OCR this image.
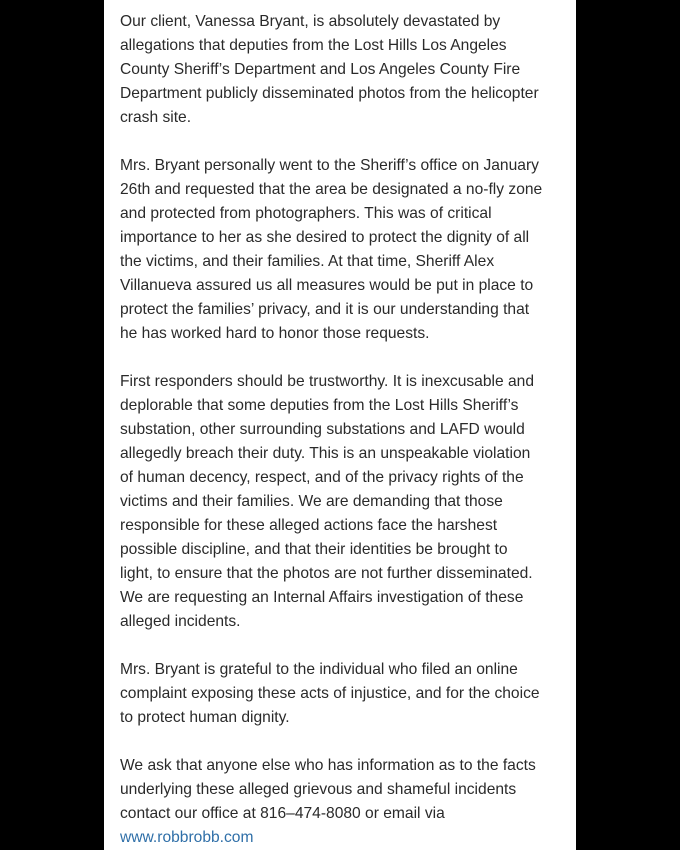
Our client, Vanessa Bryant, is absolutely devastated by
allegations that deputies from the Lost Hills Los Angeles
County Sheriff’s Department and Los Angeles County Fire
Department publicly disseminated photos from the helicopter
crash site.

Mrs. Bryant personally went to the Sheriff’s office on January
26th and requested that the area be designated a no-fly zone
and protected from photographers. This was of critical
importance to her as she desired to protect the dignity of all
the victims, and their families. At that time, Sheriff Alex
Villanueva assured us all measures would be put in place to
protect the families’ privacy, and it is our understanding that
he has worked hard to honor those requests.

First responders should be trustworthy. It is inexcusable and
deplorable that some deputies from the Lost Hills Sheriff’s
substation, other surrounding substations and LAFD would
allegedly breach their duty. This is an unspeakable violation
of human decency, respect, and of the privacy rights of the
victims and their families. We are demanding that those
responsible for these alleged actions face the harshest
possible discipline, and that their identities be brought to
light, to ensure that the photos are not further disseminated.
We are requesting an Internal Affairs investigation of these
alleged incidents.

Mrs. Bryant is grateful to the individual who filed an online
complaint exposing these acts of injustice, and for the choice
to protect human dignity.

We ask that anyone else who has information as to the facts
underlying these alleged grievous and shameful incidents
contact our office at 816–474-8080 or email via
www.robbrobb.com
